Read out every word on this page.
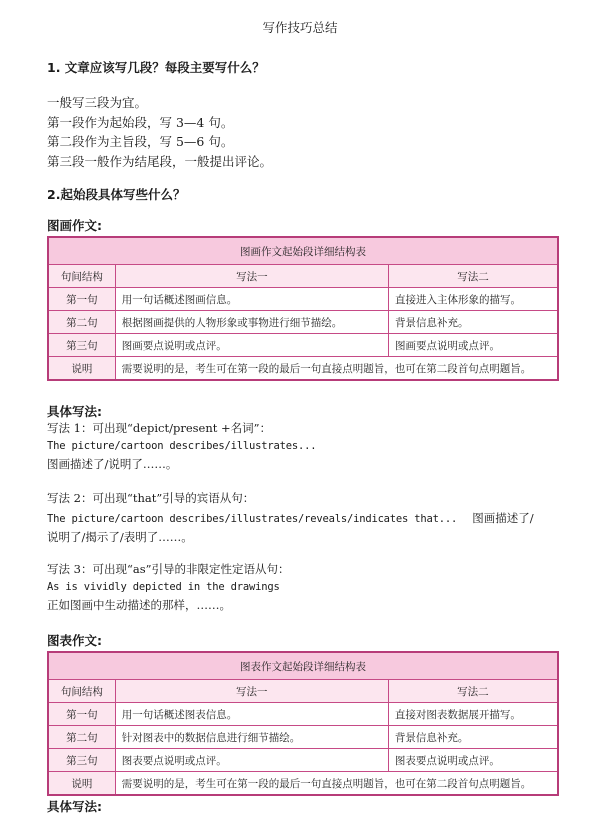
写作技巧总结
1. 文章应该写几段？每段主要写什么？
一般写三段为宜。
第一段作为起始段，写 3—4 句。
第二段作为主旨段，写 5—6 句。
第三段一般作为结尾段，一般提出评论。
2.起始段具体写些什么？
图画作文:
图画作文起始段详细结构表		
句间结构	写法一	写法二
第一句	用一句话概述图画信息。	直接进入主体形象的描写。
第二句	根据图画提供的人物形象或事物进行细节描绘。	背景信息补充。
第三句	图画要点说明或点评。	图画要点说明或点评。
说明	需要说明的是，考生可在第一段的最后一句直接点明题旨，也可在第二段首句点明题旨。	
具体写法:
写法 1：可出现“depict/present +名词”：
The picture/cartoon describes/illustrates...
图画描述了/说明了……。
写法 2：可出现“that”引导的宾语从句：
The picture/cartoon describes/illustrates/reveals/indicates that... 图画描述了/
说明了/揭示了/表明了……。
写法 3：可出现“as”引导的非限定性定语从句：
As is vividly depicted in the drawings
正如图画中生动描述的那样，……。
图表作文:
图表作文起始段详细结构表		
句间结构	写法一	写法二
第一句	用一句话概述图表信息。	直接对图表数据展开描写。
第二句	针对图表中的数据信息进行细节描绘。	背景信息补充。
第三句	图表要点说明或点评。	图表要点说明或点评。
说明	需要说明的是，考生可在第一段的最后一句直接点明题旨，也可在第二段首句点明题旨。	
具体写法:
